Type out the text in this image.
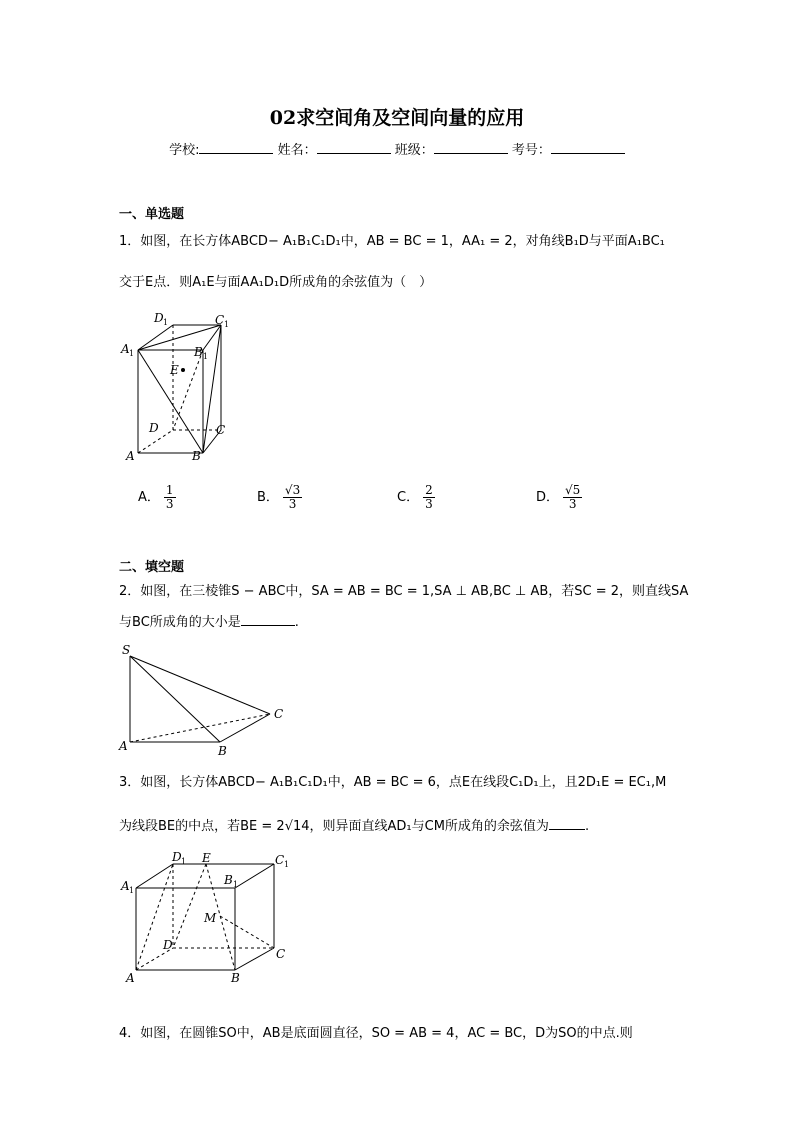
02求空间角及空间向量的应用
学校:	姓名：	班级：	考号：
一、单选题
1．如图，在长方体ABCD− A₁B₁C₁D₁中，AB = BC = 1，AA₁ = 2，对角线B₁D与平面A₁BC₁
交于E点．则A₁E与面AA₁D₁D所成角的余弦值为（　）
D 1	C 1
A 1	B 1
E
D	C
A	B
A． $\frac{1}{3}$	B． $\frac{√3}{3}$	C． $\frac{2}{3}$	D． $\frac{√5}{3}$
二、填空题
2．如图，在三棱锥S − ABC中，SA = AB = BC = 1,SA ⊥ AB,BC ⊥ AB，若SC = 2，则直线SA
与BC所成角的大小是	.
S
A	B
C
3．如图，长方体ABCD− A₁B₁C₁D₁中，AB = BC = 6，点E在线段C₁D₁上，且2D₁E = EC₁,M
为线段BE的中点，若BE = 2√14，则异面直线AD₁与CM所成角的余弦值为	.
D 1 E	C 1
A 1
B 1
M
D
C
A	B
4．如图，在圆锥SO中，AB是底面圆直径，SO = AB = 4，AC = BC，D为SO的中点.则
